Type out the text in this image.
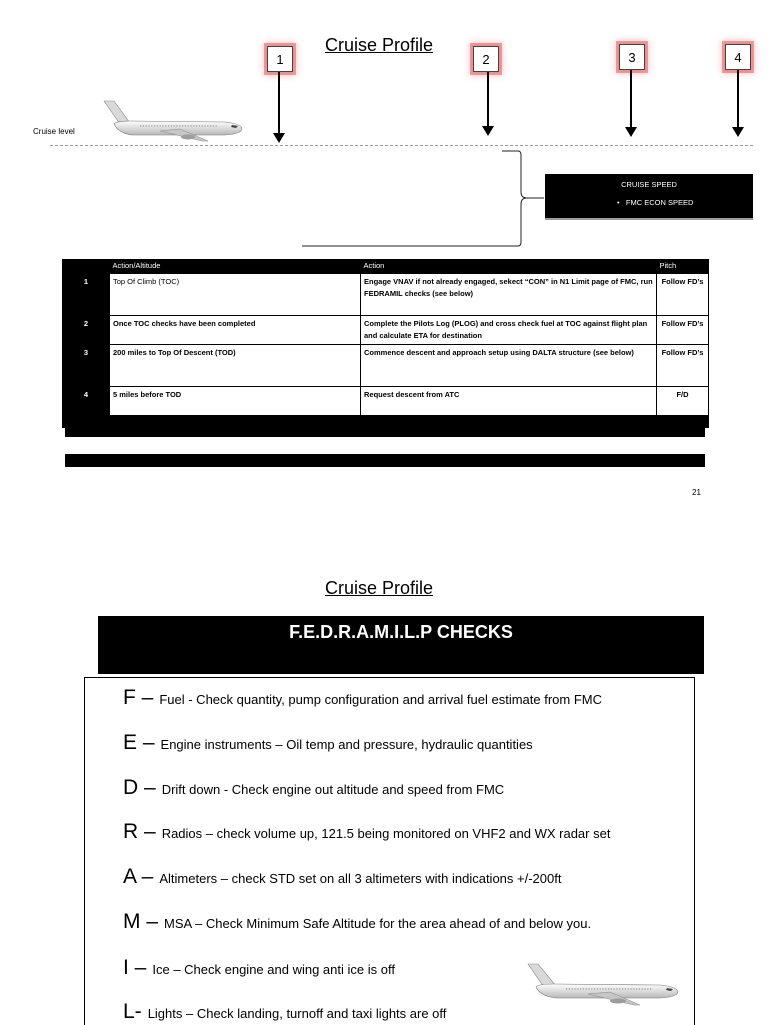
Cruise Profile
Cruise level
1	2	3	4
CRUISE SPEED
• FMC ECON SPEED
	Action/Altitude	Action	Pitch
1	Top Of Climb (TOC)	Engage VNAV if not already engaged, sekect “CON” in N1 Limit page of FMC, run FEDRAMIL checks (see below)	Follow FD’s
2	Once TOC checks have been completed	Complete the Pilots Log (PLOG) and cross check fuel at TOC against flight plan and calculate ETA for destination	Follow FD’s
3	200 miles to Top Of Descent (TOD)	Commence descent and approach setup using DALTA structure (see below)	Follow FD’s
4	5 miles before TOD	Request descent from ATC	F/D
21
Cruise Profile
F.E.D.R.A.M.I.L.P CHECKS
F – Fuel - Check quantity, pump configuration and arrival fuel estimate from FMC
E – Engine instruments – Oil temp and pressure, hydraulic quantities
D – Drift down - Check engine out altitude and speed from FMC
R – Radios – check volume up, 121.5 being monitored on VHF2 and WX radar set
A – Altimeters – check STD set on all 3 altimeters with indications +/-200ft
M – MSA – Check Minimum Safe Altitude for the area ahead of and below you.
I – Ice – Check engine and wing anti ice is off
L- Lights – Check landing, turnoff and taxi lights are off
